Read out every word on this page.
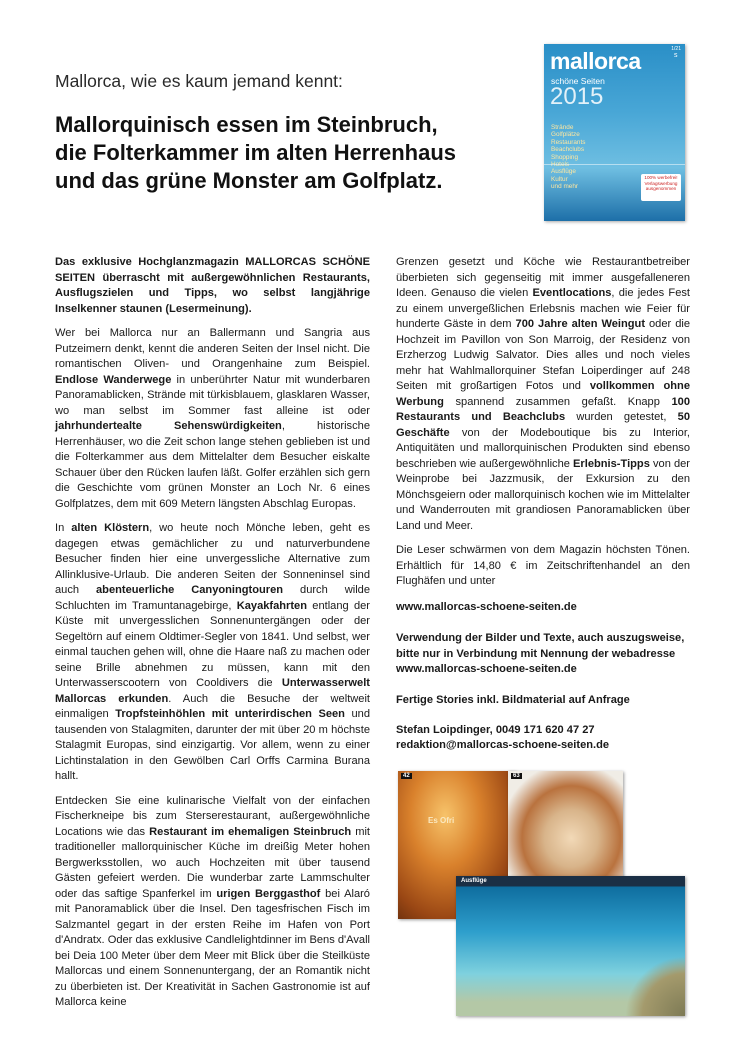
Mallorca, wie es kaum jemand kennt:
Mallorquinisch essen im Steinbruch,
die Folterkammer im alten Herrenhaus
und das grüne Monster am Golfplatz.
1/21
mallorca	s
schöne Seiten
2015
Strände
Golfplätze
Restaurants
Beachclubs
Shopping
Ausflüge
Kultur
und mehr
100% werbefrei! Verlagswerbung ausgenommen

Das exklusive Hochglanzmagazin MALLORCAS SCHÖNE SEITEN überrascht mit außergewöhnlichen Restaurants, Ausflugszielen und Tipps, wo selbst langjährige Inselkenner staunen (Lesermeinung).

Wer bei Mallorca nur an Ballermann und Sangria aus Putzeimern denkt, kennt die anderen Seiten der Insel nicht. Die romantischen Oliven- und Orangenhaine zum Beispiel. Endlose Wanderwege in unberührter Natur mit wunderbaren Panoramablicken, Strände mit türkisblauem, glasklaren Wasser, wo man selbst im Sommer fast alleine ist oder jahrhundertealte Sehenswürdigkeiten, historische Herrenhäuser, wo die Zeit schon lange stehen geblieben ist und die Folterkammer aus dem Mittelalter dem Besucher eiskalte Schauer über den Rücken laufen läßt. Golfer erzählen sich gern die Geschichte vom grünen Monster an Loch Nr. 6 eines Golfplatzes, dem mit 609 Metern längsten Abschlag Europas.

In alten Klöstern, wo heute noch Mönche leben, geht es dagegen etwas gemächlicher zu und naturverbundene Besucher finden hier eine unvergessliche Alternative zum Allinklusive-Urlaub. Die anderen Seiten der Sonneninsel sind auch abenteuerliche Canyoningtouren durch wilde Schluchten im Tramuntanagebirge, Kayakfahrten entlang der Küste mit unvergesslichen Sonnenuntergängen oder der Segeltörn auf einem Oldtimer-Segler von 1841. Und selbst, wer einmal tauchen gehen will, ohne die Haare naß zu machen oder seine Brille abnehmen zu müssen, kann mit den Unterwasserscootern von Cooldivers die Unterwasserwelt Mallorcas erkunden. Auch die Besuche der weltweit einmaligen Tropfsteinhöhlen mit unterirdischen Seen und tausenden von Stalagmiten, darunter der mit über 20 m höchste Stalagmit Europas, sind einzigartig. Vor allem, wenn zu einer Lichtinstalation in den Gewölben Carl Orffs Carmina Burana hallt.

Entdecken Sie eine kulinarische Vielfalt von der einfachen Fischerkneipe bis zum Sterserestaurant, außergewöhnliche Locations wie das Restaurant im ehemaligen Steinbruch mit traditioneller mallorquinischer Küche im dreißig Meter hohen Bergwerksstollen, wo auch Hochzeiten mit über tausend Gästen gefeiert werden. Die wunderbar zarte Lammschulter oder das saftige Spanferkel im urigen Berggasthof bei Alaró mit Panoramablick über die Insel. Den tagesfrischen Fisch im Salzmantel gegart in der ersten Reihe im Hafen von Port d'Andratx. Oder das exklusive Candlelightdinner im Bens d'Avall bei Deia 100 Meter über dem Meer mit Blick über die Steilküste Mallorcas und einem Sonnenuntergang, der an Romantik nicht zu überbieten ist. Der Kreativität in Sachen Gastronomie ist auf Mallorca keine

Grenzen gesetzt und Köche wie Restaurantbetreiber überbieten sich gegenseitig mit immer ausgefalleneren Ideen. Genauso die vielen Eventlocations, die jedes Fest zu einem unvergeßlichen Erlebsnis machen wie Feier für hunderte Gäste in dem 700 Jahre alten Weingut oder die Hochzeit im Pavillon von Son Marroig, der Residenz von Erzherzog Ludwig Salvator. Dies alles und noch vieles mehr hat Wahlmallorquiner Stefan Loiperdinger auf 248 Seiten mit großartigen Fotos und vollkommen ohne Werbung spannend zusammen gefaßt. Knapp 100 Restaurants und Beachclubs wurden getestet, 50 Geschäfte von der Modeboutique bis zu Interior, Antiquitäten und mallorquinischen Produkten sind ebenso beschrieben wie außergewöhnliche Erlebnis-Tipps von der Weinprobe bei Jazzmusik, der Exkursion zu den Mönchsgeiern oder mallorquinisch kochen wie im Mittelalter und Wanderrouten mit grandiosen Panoramablicken über Land und Meer.

Die Leser schwärmen von dem Magazin höchsten Tönen. Erhältlich für 14,80 € im Zeitschriftenhandel an den Flughäfen und unter

www.mallorcas-schoene-seiten.de
Verwendung der Bilder und Texte, auch auszugsweise, bitte nur in Verbindung mit Nennung der webadresse www.mallorcas-schoene-seiten.de
Fertige Stories inkl. Bildmaterial auf Anfrage
Stefan Loipdinger, 0049 171 620 47 27
redaktion@mallorcas-schoene-seiten.de
42
Es Ofri
63
Ausflüge
